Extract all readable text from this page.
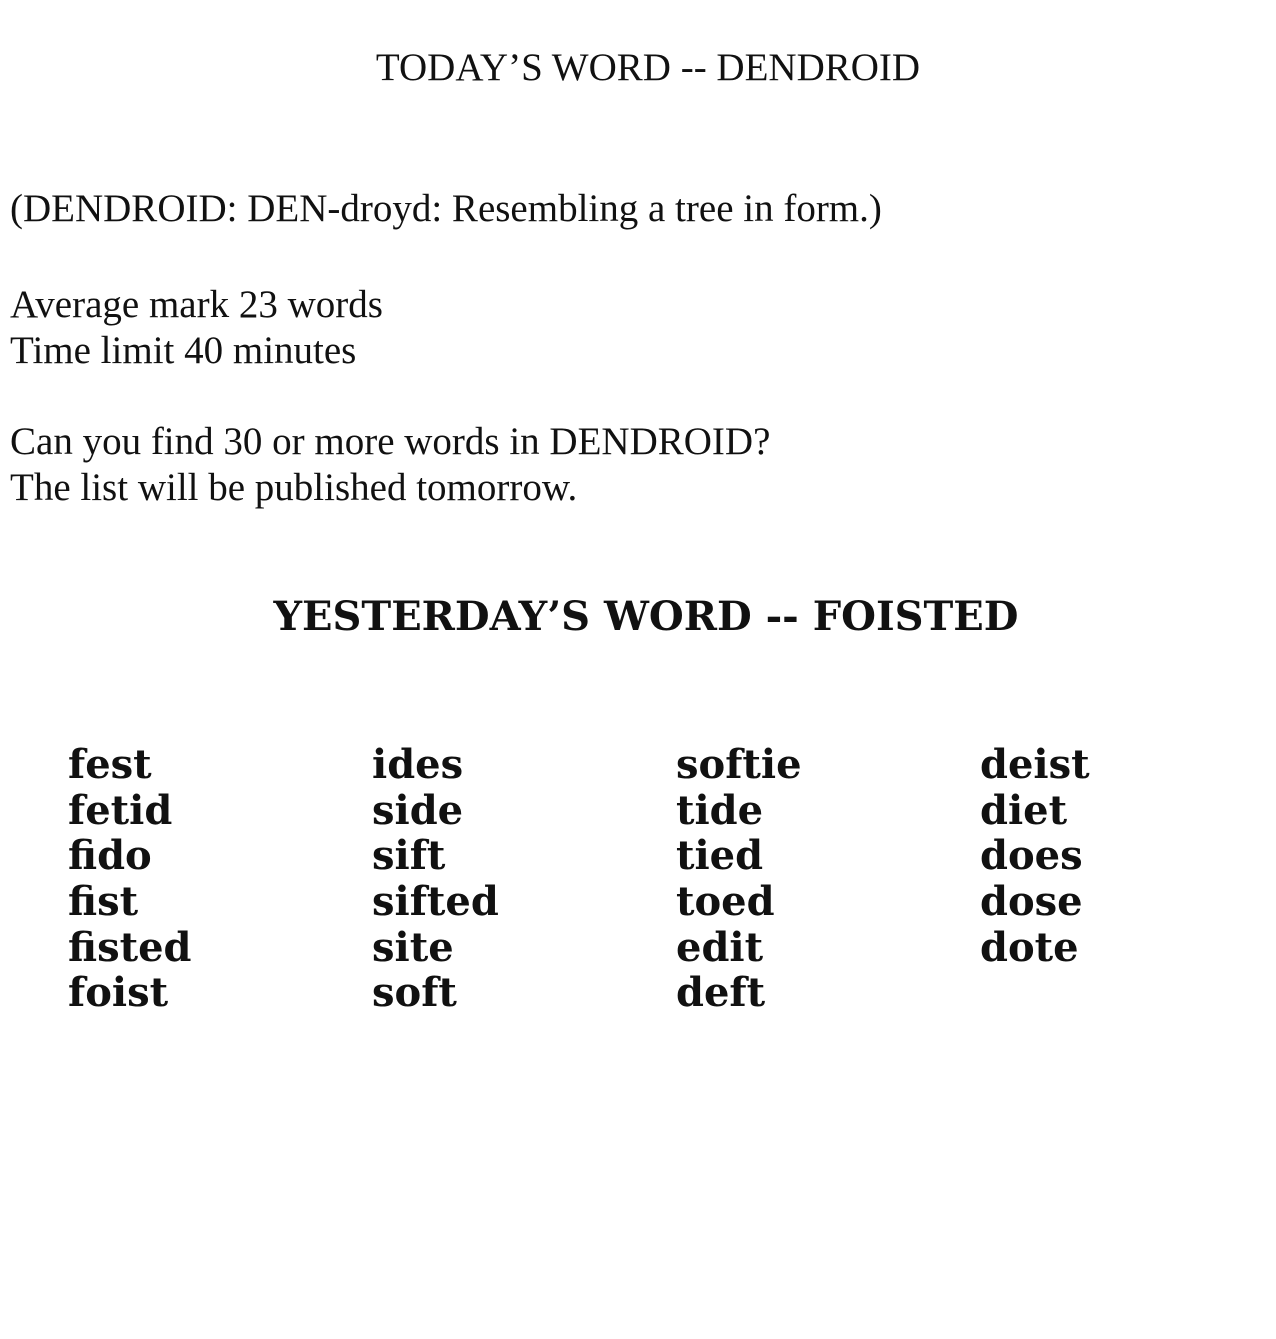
TODAY’S WORD -- DENDROID

(DENDROID: DEN-droyd: Resembling a tree in form.)

Average mark 23 words

Time limit 40 minutes

Can you find 30 or more words in DENDROID?

The list will be published tomorrow.

YESTERDAY’S WORD -- FOISTED
fest
fetid
fido
fist
fisted
foist
ides
side
sift
sifted
site
soft
softie
tide
tied
toed
edit
deft
deist
diet
does
dose
dote
